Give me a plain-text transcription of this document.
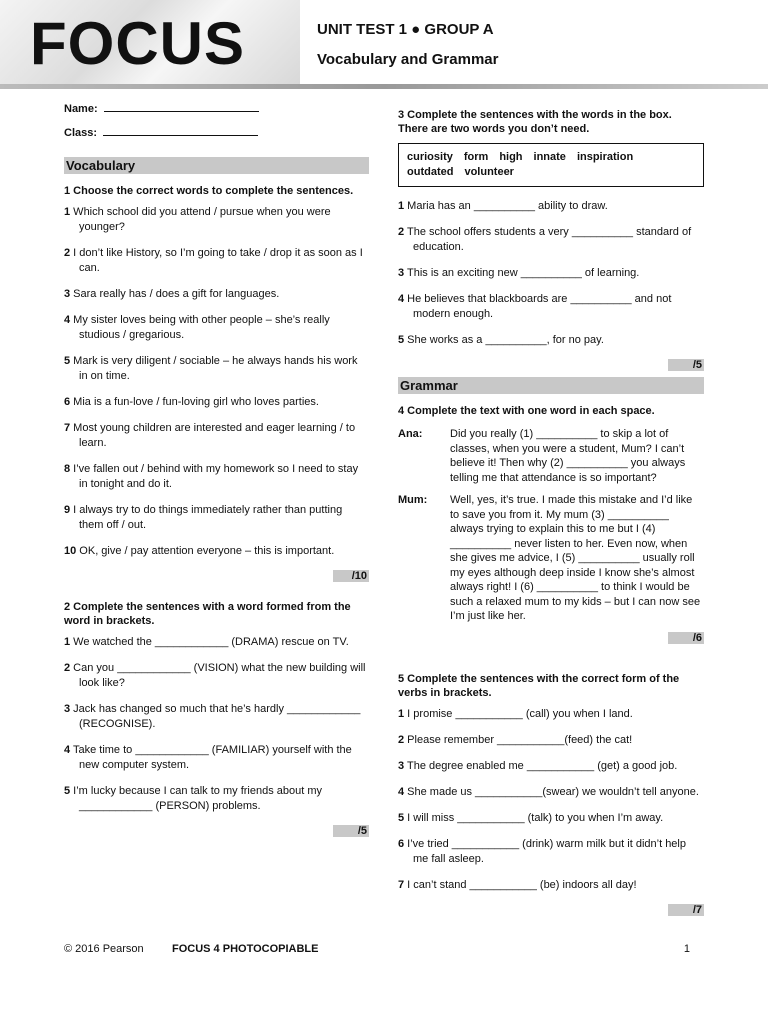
FOCUS	UNIT TEST 1 ● GROUP A
Vocabulary and Grammar
Name:
Class:
Vocabulary
1 Choose the correct words to complete the sentences.
1 Which school did you attend / pursue when you were younger?
2 I don’t like History, so I’m going to take / drop it as soon as I can.
3 Sara really has / does a gift for languages.
4 My sister loves being with other people – she’s really studious / gregarious.
5 Mark is very diligent / sociable – he always hands his work in on time.
6 Mia is a fun-love / fun-loving girl who loves parties.
7 Most young children are interested and eager learning / to learn.
8 I’ve fallen out / behind with my homework so I need to stay in tonight and do it.
9 I always try to do things immediately rather than putting them off / out.
10 OK, give / pay attention everyone – this is important.
/10
2 Complete the sentences with a word formed from the word in brackets.
1 We watched the ____________ (DRAMA) rescue on TV.
2 Can you ____________ (VISION) what the new building will look like?
3 Jack has changed so much that he’s hardly ____________ (RECOGNISE).
4 Take time to ____________ (FAMILIAR) yourself with the new computer system.
5 I’m lucky because I can talk to my friends about my ____________ (PERSON) problems.
/5
3 Complete the sentences with the words in the box. There are two words you don’t need.
curiosity form high innate inspiration
outdated volunteer
1 Maria has an __________ ability to draw.
2 The school offers students a very __________ standard of education.
3 This is an exciting new __________ of learning.
4 He believes that blackboards are __________ and not modern enough.
5 She works as a __________, for no pay.
/5
Grammar
4 Complete the text with one word in each space.
Ana:	Did you really (1) __________ to skip a lot of classes, when you were a student, Mum? I can’t believe it! Then why (2) __________ you always telling me that attendance is so important?
Mum:	Well, yes, it’s true. I made this mistake and I’d like to save you from it. My mum (3) __________ always trying to explain this to me but I (4) __________ never listen to her. Even now, when she gives me advice, I (5) __________ usually roll my eyes although deep inside I know she’s almost always right! I (6) __________ to think I would be such a relaxed mum to my kids – but I can now see I’m just like her.
/6
5 Complete the sentences with the correct form of the verbs in brackets.
1 I promise ___________ (call) you when I land.
2 Please remember ___________(feed) the cat!
3 The degree enabled me ___________ (get) a good job.
4 She made us ___________(swear) we wouldn’t tell anyone.
5 I will miss ___________ (talk) to you when I’m away.
6 I’ve tried ___________ (drink) warm milk but it didn’t help me fall asleep.
7 I can’t stand ___________ (be) indoors all day!
/7
© 2016 Pearson	FOCUS 4 PHOTOCOPIABLE	1
